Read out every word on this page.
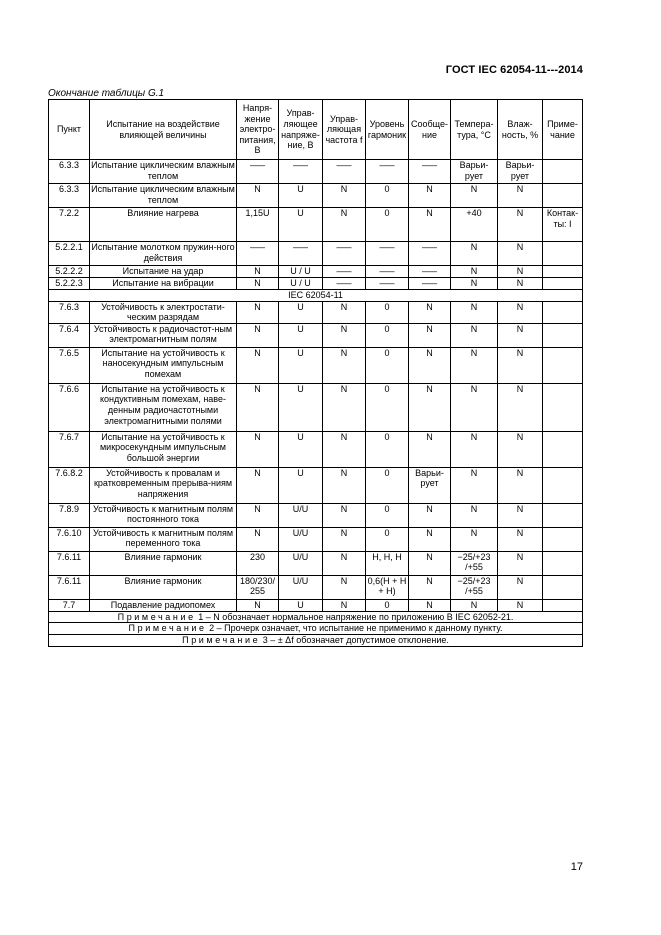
ГОСТ IEC 62054-11---2014
Окончание таблицы G.1
Пункт	Испытание на воздействие влияющей величины	Напря-жение электро-питания, В	Управ-ляющее напряже-ние, В	Управ-ляющая частота f	Уровень гармоник	Сообще-ние	Темпера-тура, °C	Влаж-ность, %	Приме-чание
6.3.3	Испытание циклическим влажным теплом	–––	–––	–––	–––	–––	Варьи-рует	Варьи-рует	
6.3.3	Испытание циклическим влажным теплом	N	U	N	0	N	N	N	
7.2.2	Влияние нагрева	1,15U	U	N	0	N	+40	N	Контак-ты: I
5.2.2.1	Испытание молотком пружин-ного действия	–––	–––	–––	–––	–––	N	N	
5.2.2.2	Испытание на удар	N	U / U	–––	–––	–––	N	N	
5.2.2.3	Испытание на вибрации	N	U / U	–––	–––	–––	N	N	
IEC 62054-11									
7.6.3	Устойчивость к электростати-ческим разрядам	N	U	N	0	N	N	N	
7.6.4	Устойчивость к радиочастот-ным электромагнитным полям	N	U	N	0	N	N	N	
7.6.5	Испытание на устойчивость к наносекундным импульсным помехам	N	U	N	0	N	N	N	
7.6.6	Испытание на устойчивость к кондуктивным помехам, наве-денным радиочастотными электромагнитными полями	N	U	N	0	N	N	N	
7.6.7	Испытание на устойчивость к микросекундным импульсным большой энергии	N	U	N	0	N	N	N	
7.6.8.2	Устойчивость к провалам и кратковременным прерыва-ниям напряжения	N	U	N	0	Варьи-рует	N	N	
7.8.9	Устойчивость к магнитным полям постоянного тока	N	U/U	N	0	N	N	N	
7.6.10	Устойчивость к магнитным полям переменного тока	N	U/U	N	0	N	N	N	
7.6.11	Влияние гармоник	230	U/U	N	H, H, H	N	−25/+23 /+55	N	
7.6.11	Влияние гармоник	180/230/ 255	U/U	N	0,6(H + H + H)	N	−25/+23 /+55	N	
7.7	Подавление радиопомех	N	U	N	0	N	N	N	
Примечание 1 – N обозначает нормальное напряжение по приложению В IEC 62052-21.									
Примечание 2 – Прочерк означает, что испытание не применимо к данному пункту.									
Примечание 3 – ± Δf обозначает допустимое отклонение.									
17
